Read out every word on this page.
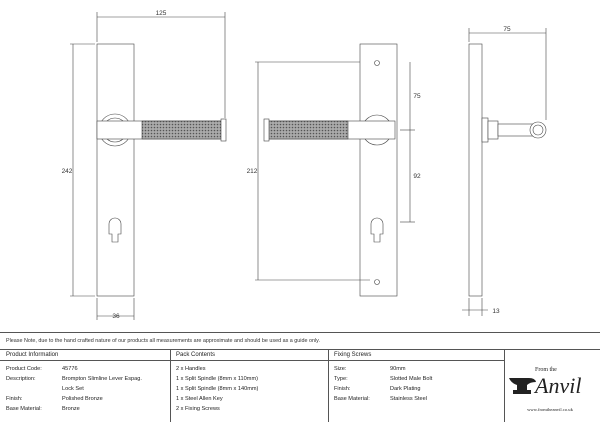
125
242
36
212
75
92
75
13
Please Note, due to the hand crafted nature of our products all measurements are approximate and should be used as a guide only.
Product Information
Product Code:	45776
Description:	Brompton Slimline Lever Espag.
Lock Set
Finish:	Polished Bronze
Base Material:	Bronze
Pack Contents
2 x Handles
1 x Split Spindle (8mm x 110mm)
1 x Split Spindle (8mm x 140mm)
1 x Steel Allen Key
2 x Fixing Screws
Fixing Screws
Size:	90mm
Type:	Slotted Male Bolt
Finish:	Dark Plating
Base Material:	Stainless Steel
From the
Anvil
www.fromtheanvil.co.uk
